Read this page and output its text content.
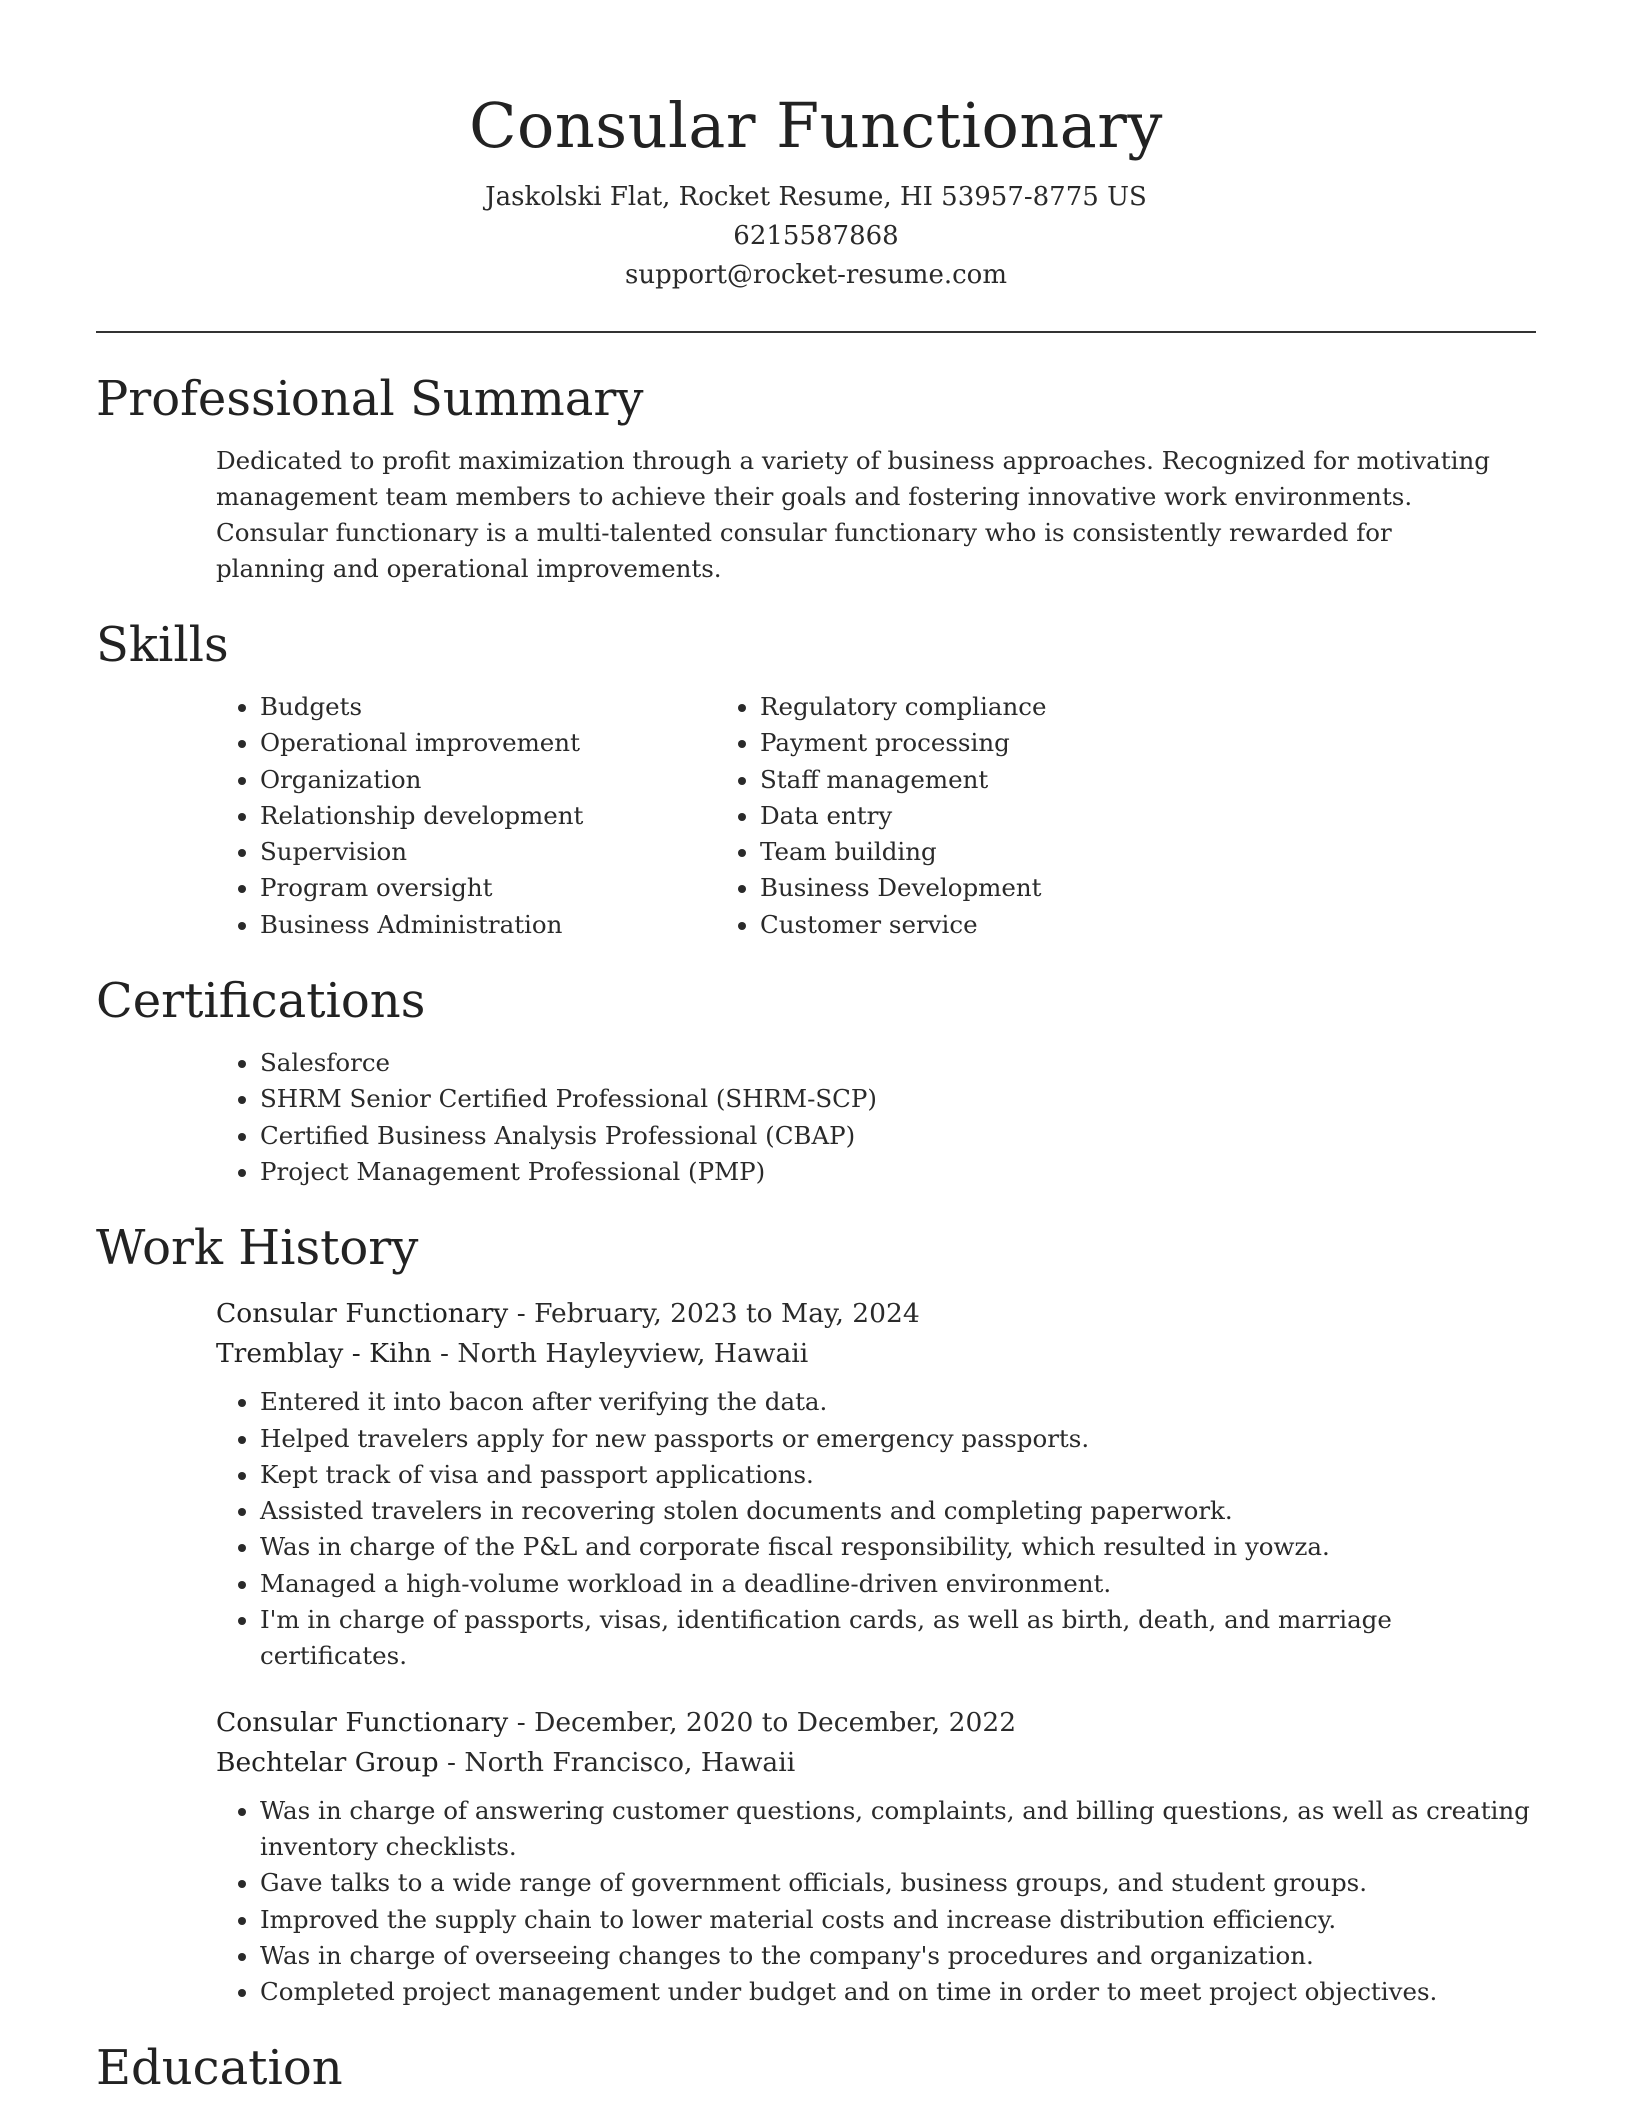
Consular Functionary
Jaskolski Flat, Rocket Resume, HI 53957-8775 US
6215587868
support@rocket-resume.com
Professional Summary

Dedicated to profit maximization through a variety of business approaches. Recognized for motivating management team members to achieve their goals and fostering innovative work environments. Consular functionary is a multi-talented consular functionary who is consistently rewarded for planning and operational improvements.

Skills
• Budgets
• Operational improvement
• Organization
• Relationship development
• Supervision
• Program oversight
• Business Administration
• Regulatory compliance
• Payment processing
• Staff management
• Data entry
• Team building
• Business Development
• Customer service
Certifications
• Salesforce
• SHRM Senior Certified Professional (SHRM-SCP)
• Certified Business Analysis Professional (CBAP)
• Project Management Professional (PMP)
Work History
Consular Functionary - February, 2023 to May, 2024
Tremblay - Kihn - North Hayleyview, Hawaii
• Entered it into bacon after verifying the data.
• Helped travelers apply for new passports or emergency passports.
• Kept track of visa and passport applications.
• Assisted travelers in recovering stolen documents and completing paperwork.
• Was in charge of the P&L and corporate fiscal responsibility, which resulted in yowza.
• Managed a high-volume workload in a deadline-driven environment.
• I'm in charge of passports, visas, identification cards, as well as birth, death, and marriage certificates.
Consular Functionary - December, 2020 to December, 2022
Bechtelar Group - North Francisco, Hawaii
• Was in charge of answering customer questions, complaints, and billing questions, as well as creating inventory checklists.
• Gave talks to a wide range of government officials, business groups, and student groups.
• Improved the supply chain to lower material costs and increase distribution efficiency.
• Was in charge of overseeing changes to the company's procedures and organization.
• Completed project management under budget and on time in order to meet project objectives.
Education
